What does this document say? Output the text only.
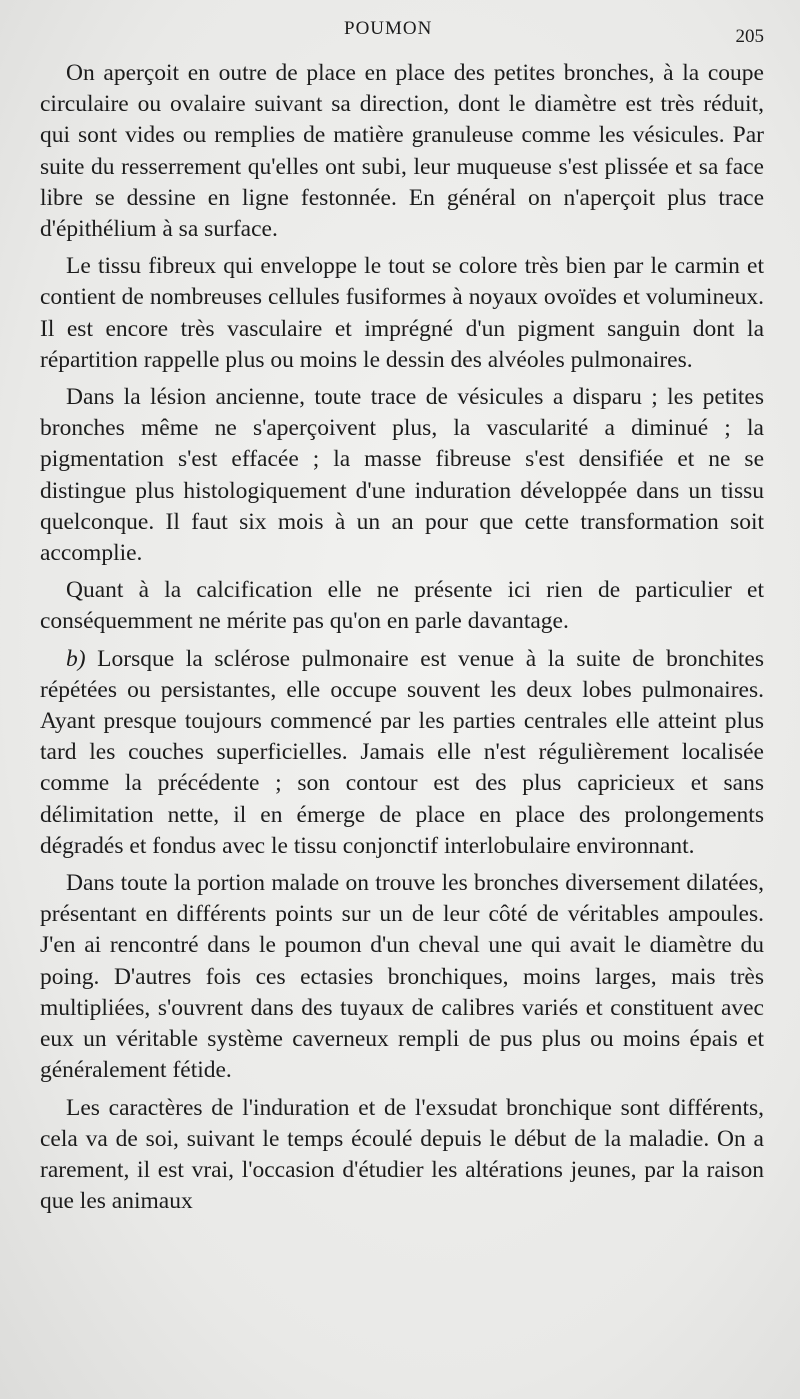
POUMON	205

On aperçoit en outre de place en place des petites bronches, à la coupe circulaire ou ovalaire suivant sa direction, dont le diamètre est très réduit, qui sont vides ou remplies de matière granuleuse comme les vésicules. Par suite du resserrement qu'elles ont subi, leur muqueuse s'est plissée et sa face libre se dessine en ligne festonnée. En général on n'aperçoit plus trace d'épithélium à sa surface.

Le tissu fibreux qui enveloppe le tout se colore très bien par le carmin et contient de nombreuses cellules fusiformes à noyaux ovoïdes et volumineux. Il est encore très vasculaire et imprégné d'un pigment sanguin dont la répartition rappelle plus ou moins le dessin des alvéoles pulmonaires.

Dans la lésion ancienne, toute trace de vésicules a disparu ; les petites bronches même ne s'aperçoivent plus, la vascularité a diminué ; la pigmentation s'est effacée ; la masse fibreuse s'est densifiée et ne se distingue plus histologiquement d'une induration développée dans un tissu quelconque. Il faut six mois à un an pour que cette transformation soit accomplie.

Quant à la calcification elle ne présente ici rien de particulier et conséquemment ne mérite pas qu'on en parle davantage.

b) Lorsque la sclérose pulmonaire est venue à la suite de bronchites répétées ou persistantes, elle occupe souvent les deux lobes pulmonaires. Ayant presque toujours commencé par les parties centrales elle atteint plus tard les couches superficielles. Jamais elle n'est régulièrement localisée comme la précédente ; son contour est des plus capricieux et sans délimitation nette, il en émerge de place en place des prolongements dégradés et fondus avec le tissu conjonctif interlobulaire environnant.

Dans toute la portion malade on trouve les bronches diversement dilatées, présentant en différents points sur un de leur côté de véritables ampoules. J'en ai rencontré dans le poumon d'un cheval une qui avait le diamètre du poing. D'autres fois ces ectasies bronchiques, moins larges, mais très multipliées, s'ouvrent dans des tuyaux de calibres variés et constituent avec eux un véritable système caverneux rempli de pus plus ou moins épais et généralement fétide.

Les caractères de l'induration et de l'exsudat bronchique sont différents, cela va de soi, suivant le temps écoulé depuis le début de la maladie. On a rarement, il est vrai, l'occasion d'étudier les altérations jeunes, par la raison que les animaux
